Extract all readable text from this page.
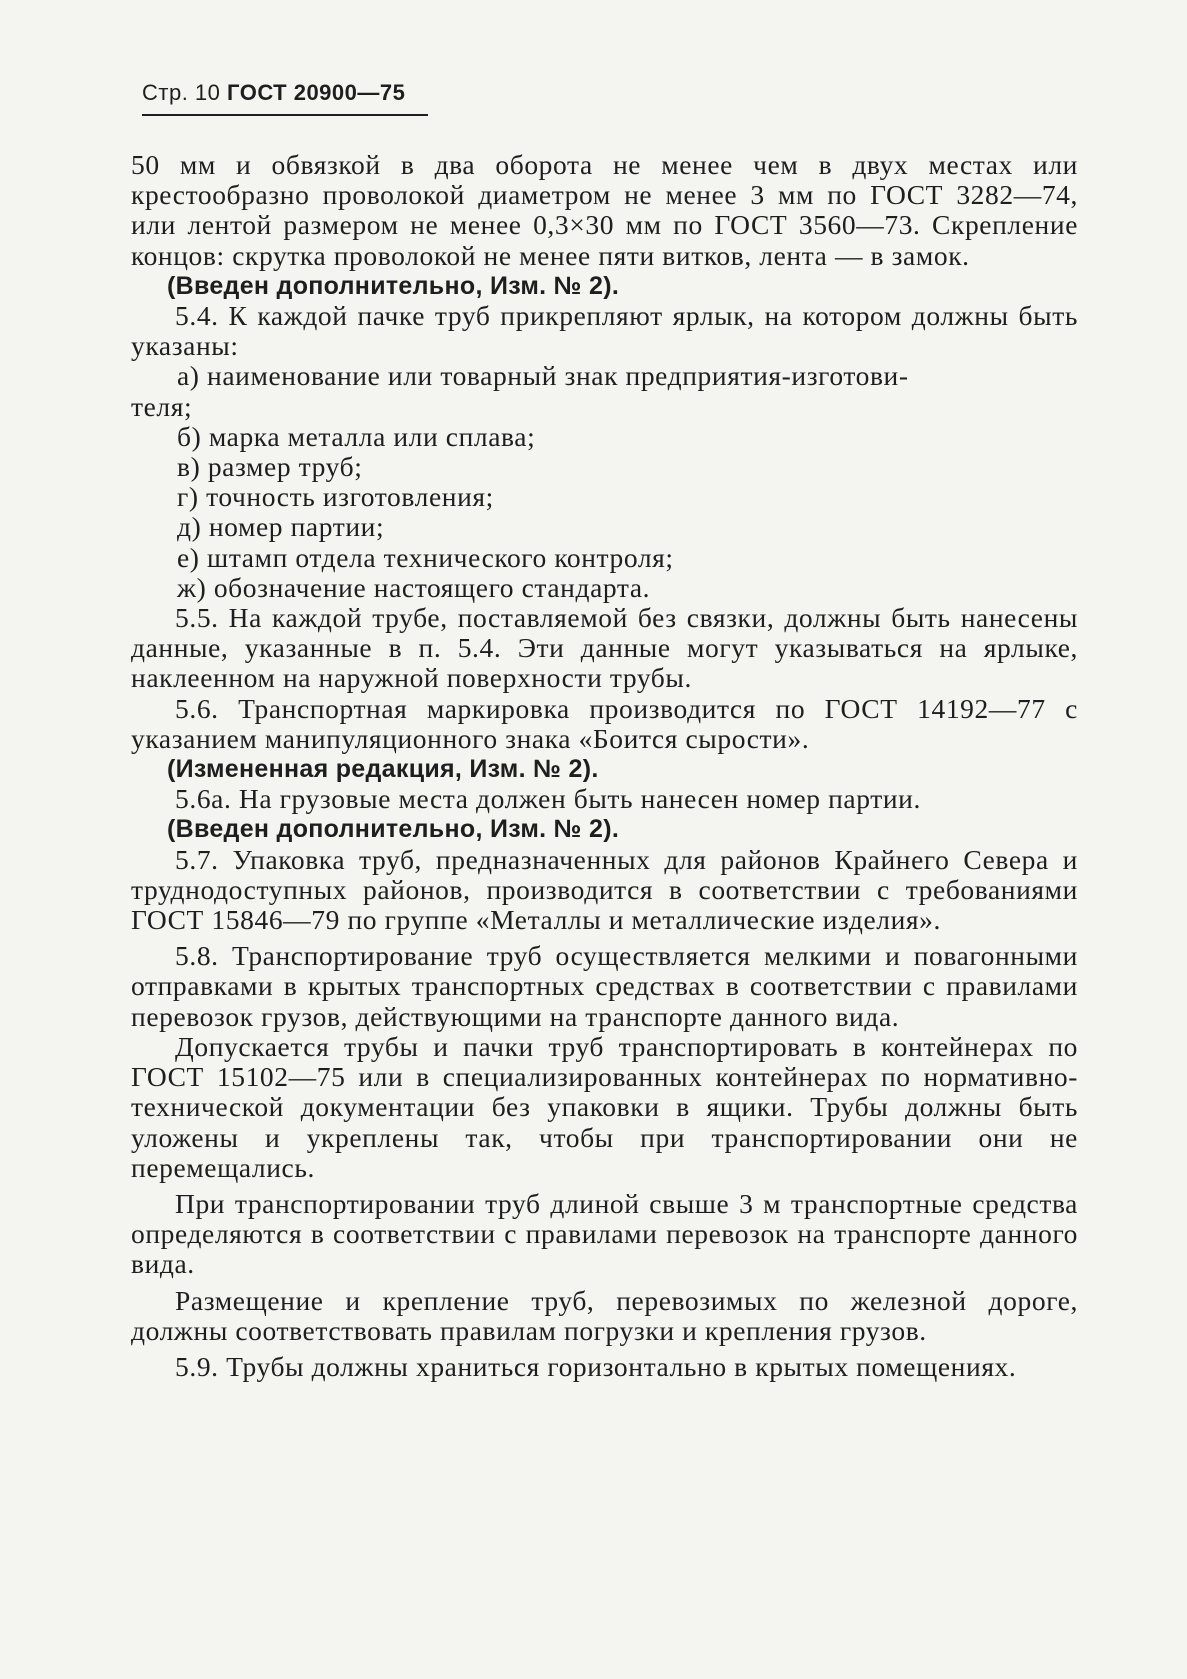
Стр. 10 ГОСТ 20900—75

50 мм и обвязкой в два оборота не менее чем в двух местах или крестообразно проволокой диаметром не менее 3 мм по ГОСТ 3282—74, или лентой размером не менее 0,3×30 мм по ГОСТ 3560—73. Скрепление концов: скрутка проволокой не менее пяти витков, лента — в замок.

(Введен дополнительно, Изм. № 2).

5.4. К каждой пачке труб прикрепляют ярлык, на котором должны быть указаны:

а) наименование или товарный знак предприятия-изготови-

теля;

б) марка металла или сплава;

в) размер труб;

г) точность изготовления;

д) номер партии;

е) штамп отдела технического контроля;

ж) обозначение настоящего стандарта.

5.5. На каждой трубе, поставляемой без связки, должны быть нанесены данные, указанные в п. 5.4. Эти данные могут указываться на ярлыке, наклеенном на наружной поверхности трубы.

5.6. Транспортная маркировка производится по ГОСТ 14192—77 с указанием манипуляционного знака «Боится сырости».

(Измененная редакция, Изм. № 2).

5.6а. На грузовые места должен быть нанесен номер партии.

(Введен дополнительно, Изм. № 2).

5.7. Упаковка труб, предназначенных для районов Крайнего Севера и труднодоступных районов, производится в соответствии с требованиями ГОСТ 15846—79 по группе «Металлы и металлические изделия».

5.8. Транспортирование труб осуществляется мелкими и повагонными отправками в крытых транспортных средствах в соответствии с правилами перевозок грузов, действующими на транспорте данного вида.

Допускается трубы и пачки труб транспортировать в контейнерах по ГОСТ 15102—75 или в специализированных контейнерах по нормативно-технической документации без упаковки в ящики. Трубы должны быть уложены и укреплены так, чтобы при транспортировании они не перемещались.

При транспортировании труб длиной свыше 3 м транспортные средства определяются в соответствии с правилами перевозок на транспорте данного вида.

Размещение и крепление труб, перевозимых по железной дороге, должны соответствовать правилам погрузки и крепления грузов.

5.9. Трубы должны храниться горизонтально в крытых помещениях.
